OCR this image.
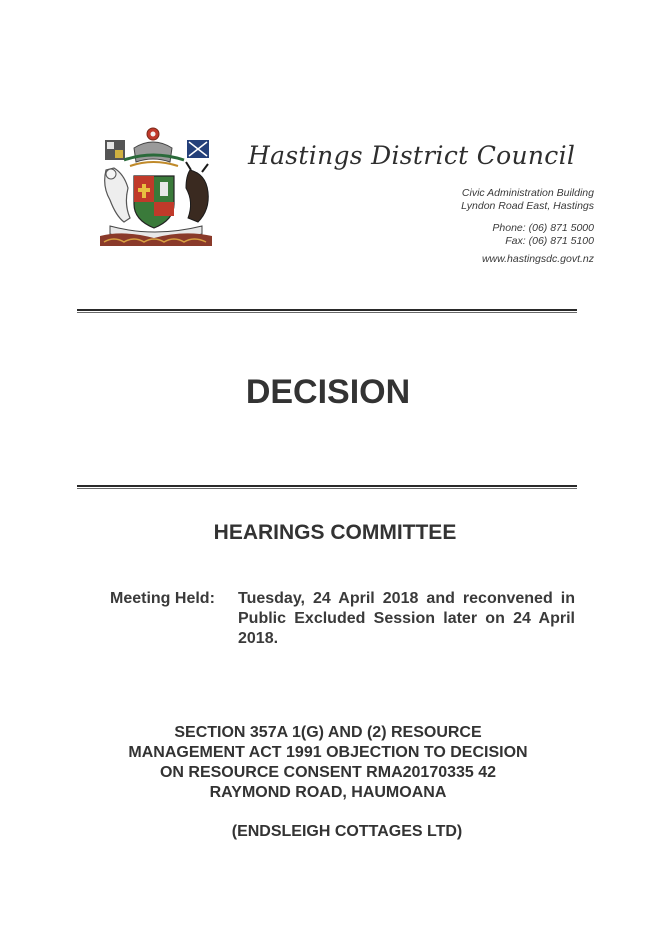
Hastings District Council
Civic Administration Building
Lyndon Road East, Hastings
Phone: (06) 871 5000
Fax: (06) 871 5100
www.hastingsdc.govt.nz
DECISION
HEARINGS COMMITTEE
Meeting Held: Tuesday, 24 April 2018 and reconvened in Public Excluded Session later on 24 April 2018.
SECTION 357A 1(G) AND (2) RESOURCE
MANAGEMENT ACT 1991 OBJECTION TO DECISION
ON RESOURCE CONSENT RMA20170335 42
RAYMOND ROAD, HAUMOANA
(ENDSLEIGH COTTAGES LTD)
